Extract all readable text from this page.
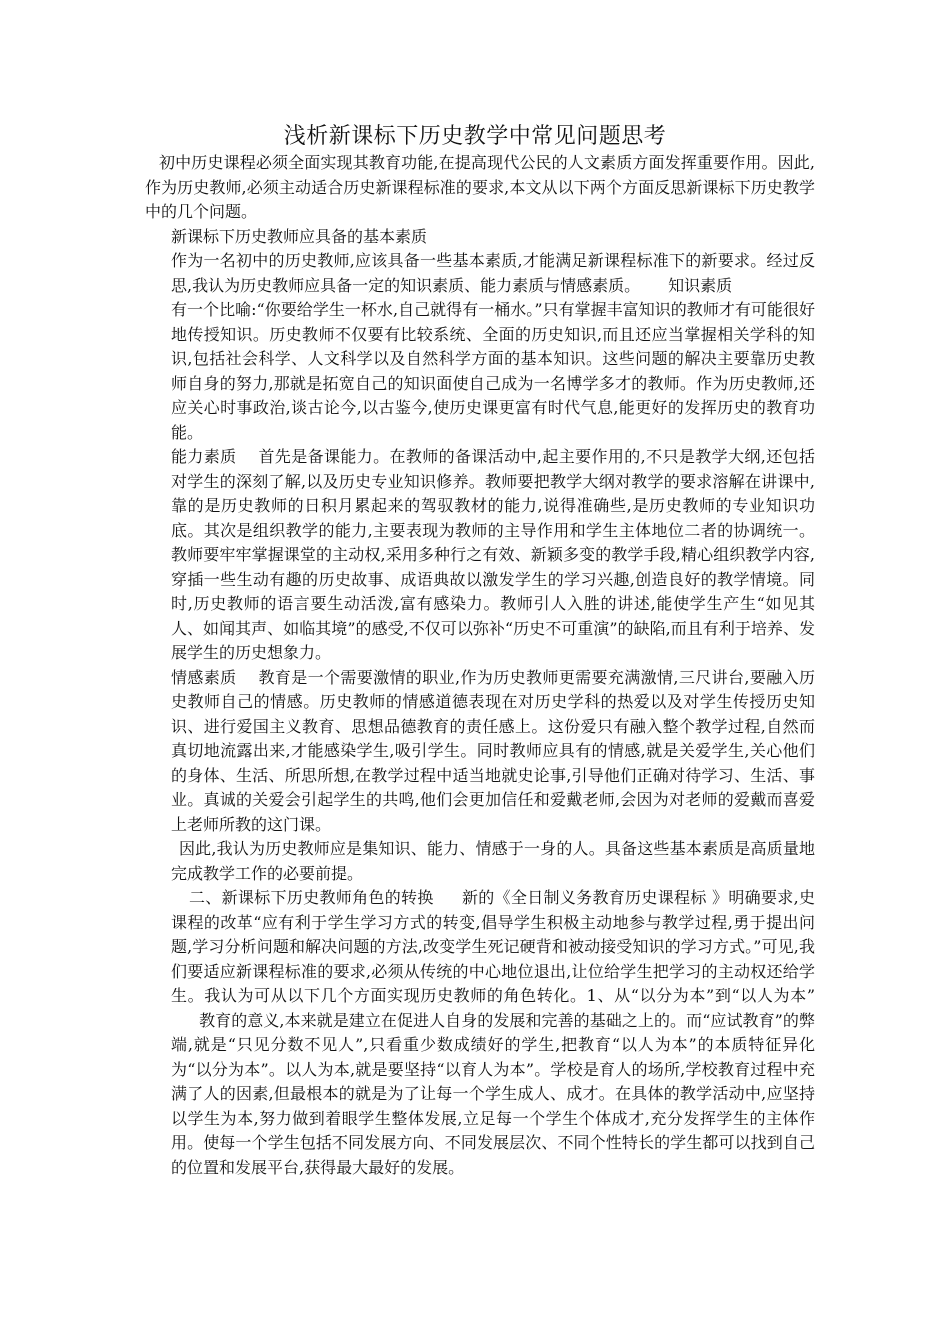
浅析新课标下历史教学中常见问题思考

初中历史课程必须全面实现其教育功能,在提高现代公民的人文素质方面发挥重要作用。因此,作为历史教师,必须主动适合历史新课程标准的要求,本文从以下两个方面反思新课标下历史教学中的几个问题。

新课标下历史教师应具备的基本素质

作为一名初中的历史教师,应该具备一些基本素质,才能满足新课程标准下的新要求。经过反思,我认为历史教师应具备一定的知识素质、能力素质与情感素质。 知识素质

有一个比喻:“你要给学生一杯水,自己就得有一桶水。”只有掌握丰富知识的教师才有可能很好地传授知识。历史教师不仅要有比较系统、全面的历史知识,而且还应当掌握相关学科的知识,包括社会科学、人文科学以及自然科学方面的基本知识。这些问题的解决主要靠历史教师自身的努力,那就是拓宽自己的知识面使自己成为一名博学多才的教师。作为历史教师,还应关心时事政治,谈古论今,以古鉴今,使历史课更富有时代气息,能更好的发挥历史的教育功能。

能力素质 首先是备课能力。在教师的备课活动中,起主要作用的,不只是教学大纲,还包括对学生的深刻了解,以及历史专业知识修养。教师要把教学大纲对教学的要求溶解在讲课中,靠的是历史教师的日积月累起来的驾驭教材的能力,说得准确些,是历史教师的专业知识功底。其次是组织教学的能力,主要表现为教师的主导作用和学生主体地位二者的协调统一。教师要牢牢掌握课堂的主动权,采用多种行之有效、新颖多变的教学手段,精心组织教学内容,穿插一些生动有趣的历史故事、成语典故以激发学生的学习兴趣,创造良好的教学情境。同时,历史教师的语言要生动活泼,富有感染力。教师引人入胜的讲述,能使学生产生“如见其人、如闻其声、如临其境”的感受,不仅可以弥补“历史不可重演”的缺陷,而且有利于培养、发展学生的历史想象力。

情感素质 教育是一个需要激情的职业,作为历史教师更需要充满激情,三尺讲台,要融入历史教师自己的情感。历史教师的情感道德表现在对历史学科的热爱以及对学生传授历史知识、进行爱国主义教育、思想品德教育的责任感上。这份爱只有融入整个教学过程,自然而真切地流露出来,才能感染学生,吸引学生。同时教师应具有的情感,就是关爱学生,关心他们的身体、生活、所思所想,在教学过程中适当地就史论事,引导他们正确对待学习、生活、事业。真诚的关爱会引起学生的共鸣,他们会更加信任和爱戴老师,会因为对老师的爱戴而喜爱上老师所教的这门课。

因此,我认为历史教师应是集知识、能力、情感于一身的人。具备这些基本素质是高质量地完成教学工作的必要前提。

二、新课标下历史教师角色的转换 新的《全日制义务教育历史课程标 》明确要求,史课程的改革“应有利于学生学习方式的转变,倡导学生积极主动地参与教学过程,勇于提出问题,学习分析问题和解决问题的方法,改变学生死记硬背和被动接受知识的学习方式。”可见,我们要适应新课程标准的要求,必须从传统的中心地位退出,让位给学生把学习的主动权还给学生。我认为可从以下几个方面实现历史教师的角色转化。1、从“以分为本”到“以人为本”教育的意义,本来就是建立在促进人自身的发展和完善的基础之上的。而“应试教育”的弊端,就是“只见分数不见人”,只看重少数成绩好的学生,把教育“以人为本”的本质特征异化为“以分为本”。以人为本,就是要坚持“以育人为本”。学校是育人的场所,学校教育过程中充满了人的因素,但最根本的就是为了让每一个学生成人、成才。在具体的教学活动中,应坚持以学生为本,努力做到着眼学生整体发展,立足每一个学生个体成才,充分发挥学生的主体作用。使每一个学生包括不同发展方向、不同发展层次、不同个性特长的学生都可以找到自己的位置和发展平台,获得最大最好的发展。
